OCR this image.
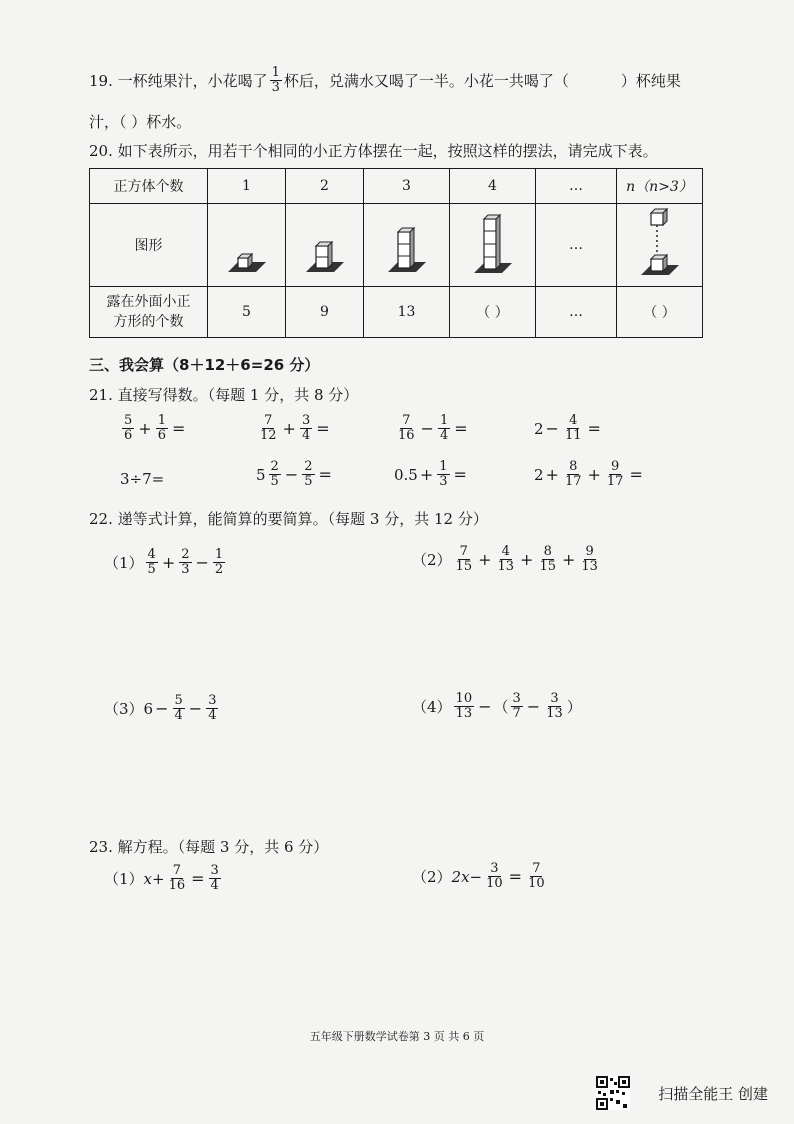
19. 一杯纯果汁，小花喝了 $\frac{1}{3}$ 杯后，兑满水又喝了一半。小花一共喝了（	）杯纯果
汁，（ ）杯水。
20. 如下表所示，用若干个相同的小正方体摆在一起，按照这样的摆法，请完成下表。
正方体个数	1	2	3	4	…	n（n>3）
图形					…	

露在外面小正
方形的个数	5	9	13	（ ）	…	（ ）
三、我会算（8＋12＋6=26 分）
21. 直接写得数。（每题 1 分，共 8 分）
$\frac{5}{6} + \frac{1}{6}$ =	$\frac{7}{12} + \frac{3}{4}$ =	$\frac{7}{16} - \frac{1}{4}$ =	$2 - \frac{4}{11}$ =
3÷7=	$5 \frac{2}{5} - \frac{2}{5}$ =	$0.5 + \frac{1}{3}$ =	$2 + \frac{8}{17} + \frac{9}{17}$ =
22. 递等式计算，能简算的要简算。（每题 3 分，共 12 分）
$(1) \frac{4}{5} + \frac{2}{3} - \frac{1}{2}$	$(2) \frac{7}{15} + \frac{4}{13} + \frac{8}{15} + \frac{9}{13}$
（3） $6 - \frac{5}{4} - \frac{3}{4}$	$(4) \frac{10}{13}$ − （ $\frac{3}{7} - \frac{3}{13}$ ）
23. 解方程。（每题 3 分，共 6 分）
（1） $x+ \frac{7}{16} = \frac{3}{4}$	（2） $2x- \frac{3}{10} = \frac{7}{10}$
五年级下册数学试卷第 3 页 共 6 页
扫描全能王 创建
